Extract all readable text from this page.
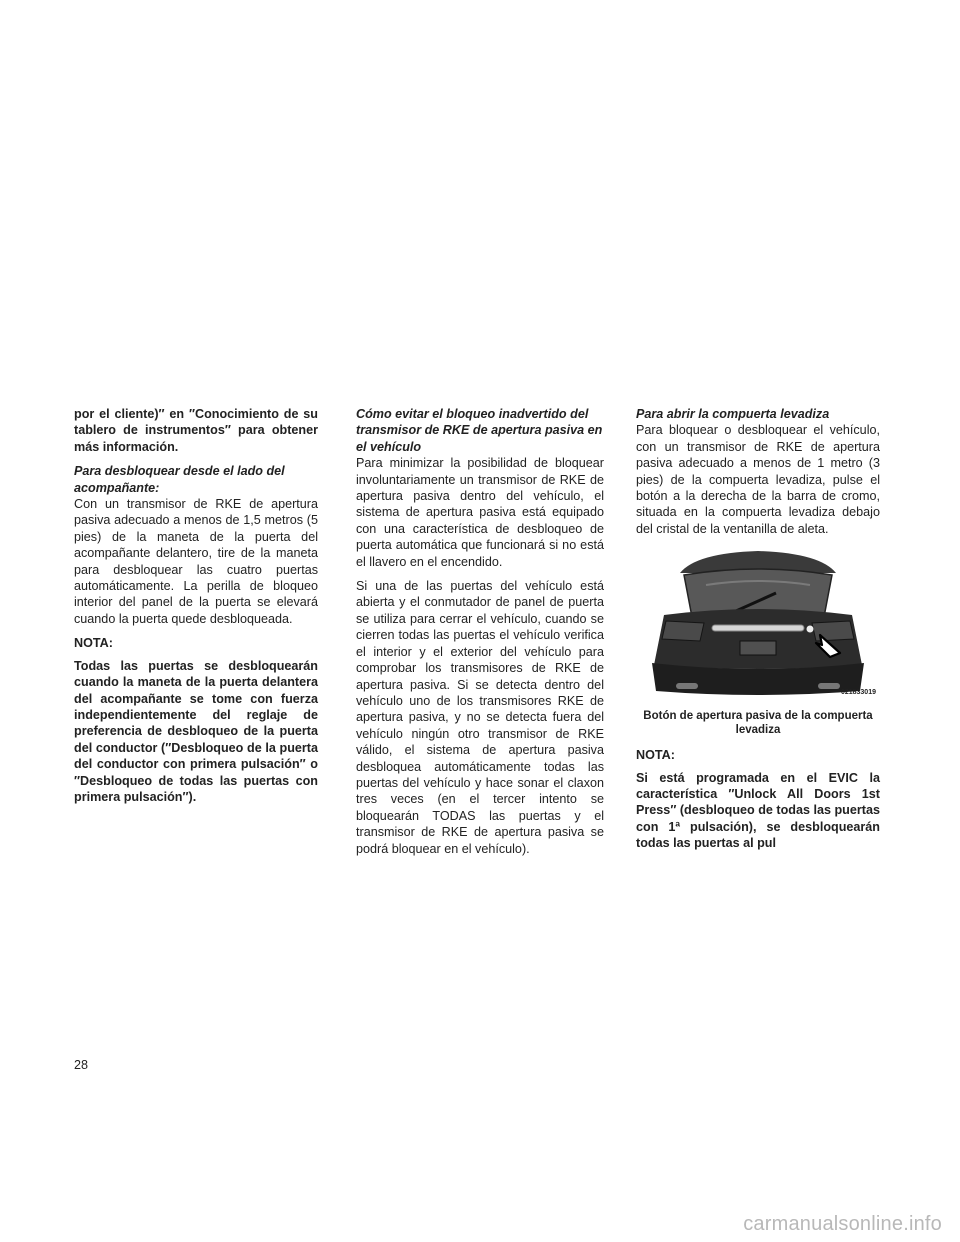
por el cliente)″ en ″Conocimiento de su tablero de instrumentos″ para obtener más información.

Para desbloquear desde el lado del acompañante:

Con un transmisor de RKE de apertura pasiva adecuado a menos de 1,5 metros (5 pies) de la maneta de la puerta del acompañante delantero, tire de la maneta para desbloquear las cuatro puertas automáticamente. La perilla de bloqueo interior del panel de la puerta se elevará cuando la puerta quede desbloqueada.

NOTA:

Todas las puertas se desbloquearán cuando la maneta de la puerta delantera del acompañante se tome con fuerza independientemente del reglaje de preferencia de desbloqueo de la puerta del conductor (″Desbloqueo de la puerta del conductor con primera pulsación″ o ″Desbloqueo de todas las puertas con primera pulsación″).

Cómo evitar el bloqueo inadvertido del transmisor de RKE de apertura pasiva en el vehículo

Para minimizar la posibilidad de bloquear involuntariamente un transmisor de RKE de apertura pasiva dentro del vehículo, el sistema de apertura pasiva está equipado con una característica de desbloqueo de puerta automática que funcionará si no está el llavero en el encendido.

Si una de las puertas del vehículo está abierta y el conmutador de panel de puerta se utiliza para cerrar el vehículo, cuando se cierren todas las puertas el vehículo verifica el interior y el exterior del vehículo para comprobar los transmisores de RKE de apertura pasiva. Si se detecta dentro del vehículo uno de los transmisores RKE de apertura pasiva, y no se detecta fuera del vehículo ningún otro transmisor de RKE válido, el sistema de apertura pasiva desbloquea automáticamente todas las puertas del vehículo y hace sonar el claxon tres veces (en el tercer intento se bloquearán TODAS las puertas y el transmisor de RKE de apertura pasiva se podrá bloquear en el vehículo).

Para abrir la compuerta levadiza

Para bloquear o desbloquear el vehículo, con un transmisor de RKE de apertura pasiva adecuado a menos de 1 metro (3 pies) de la compuerta levadiza, pulse el botón a la derecha de la barra de cromo, situada en la compuerta levadiza debajo del cristal de la ventanilla de aleta.

021833019

Botón de apertura pasiva de la compuerta levadiza

NOTA:

Si está programada en el EVIC la característica ″Unlock All Doors 1st Press″ (desbloqueo de todas las puertas con 1ª pulsación), se desbloquearán todas las puertas al pul

28
carmanualsonline.info
